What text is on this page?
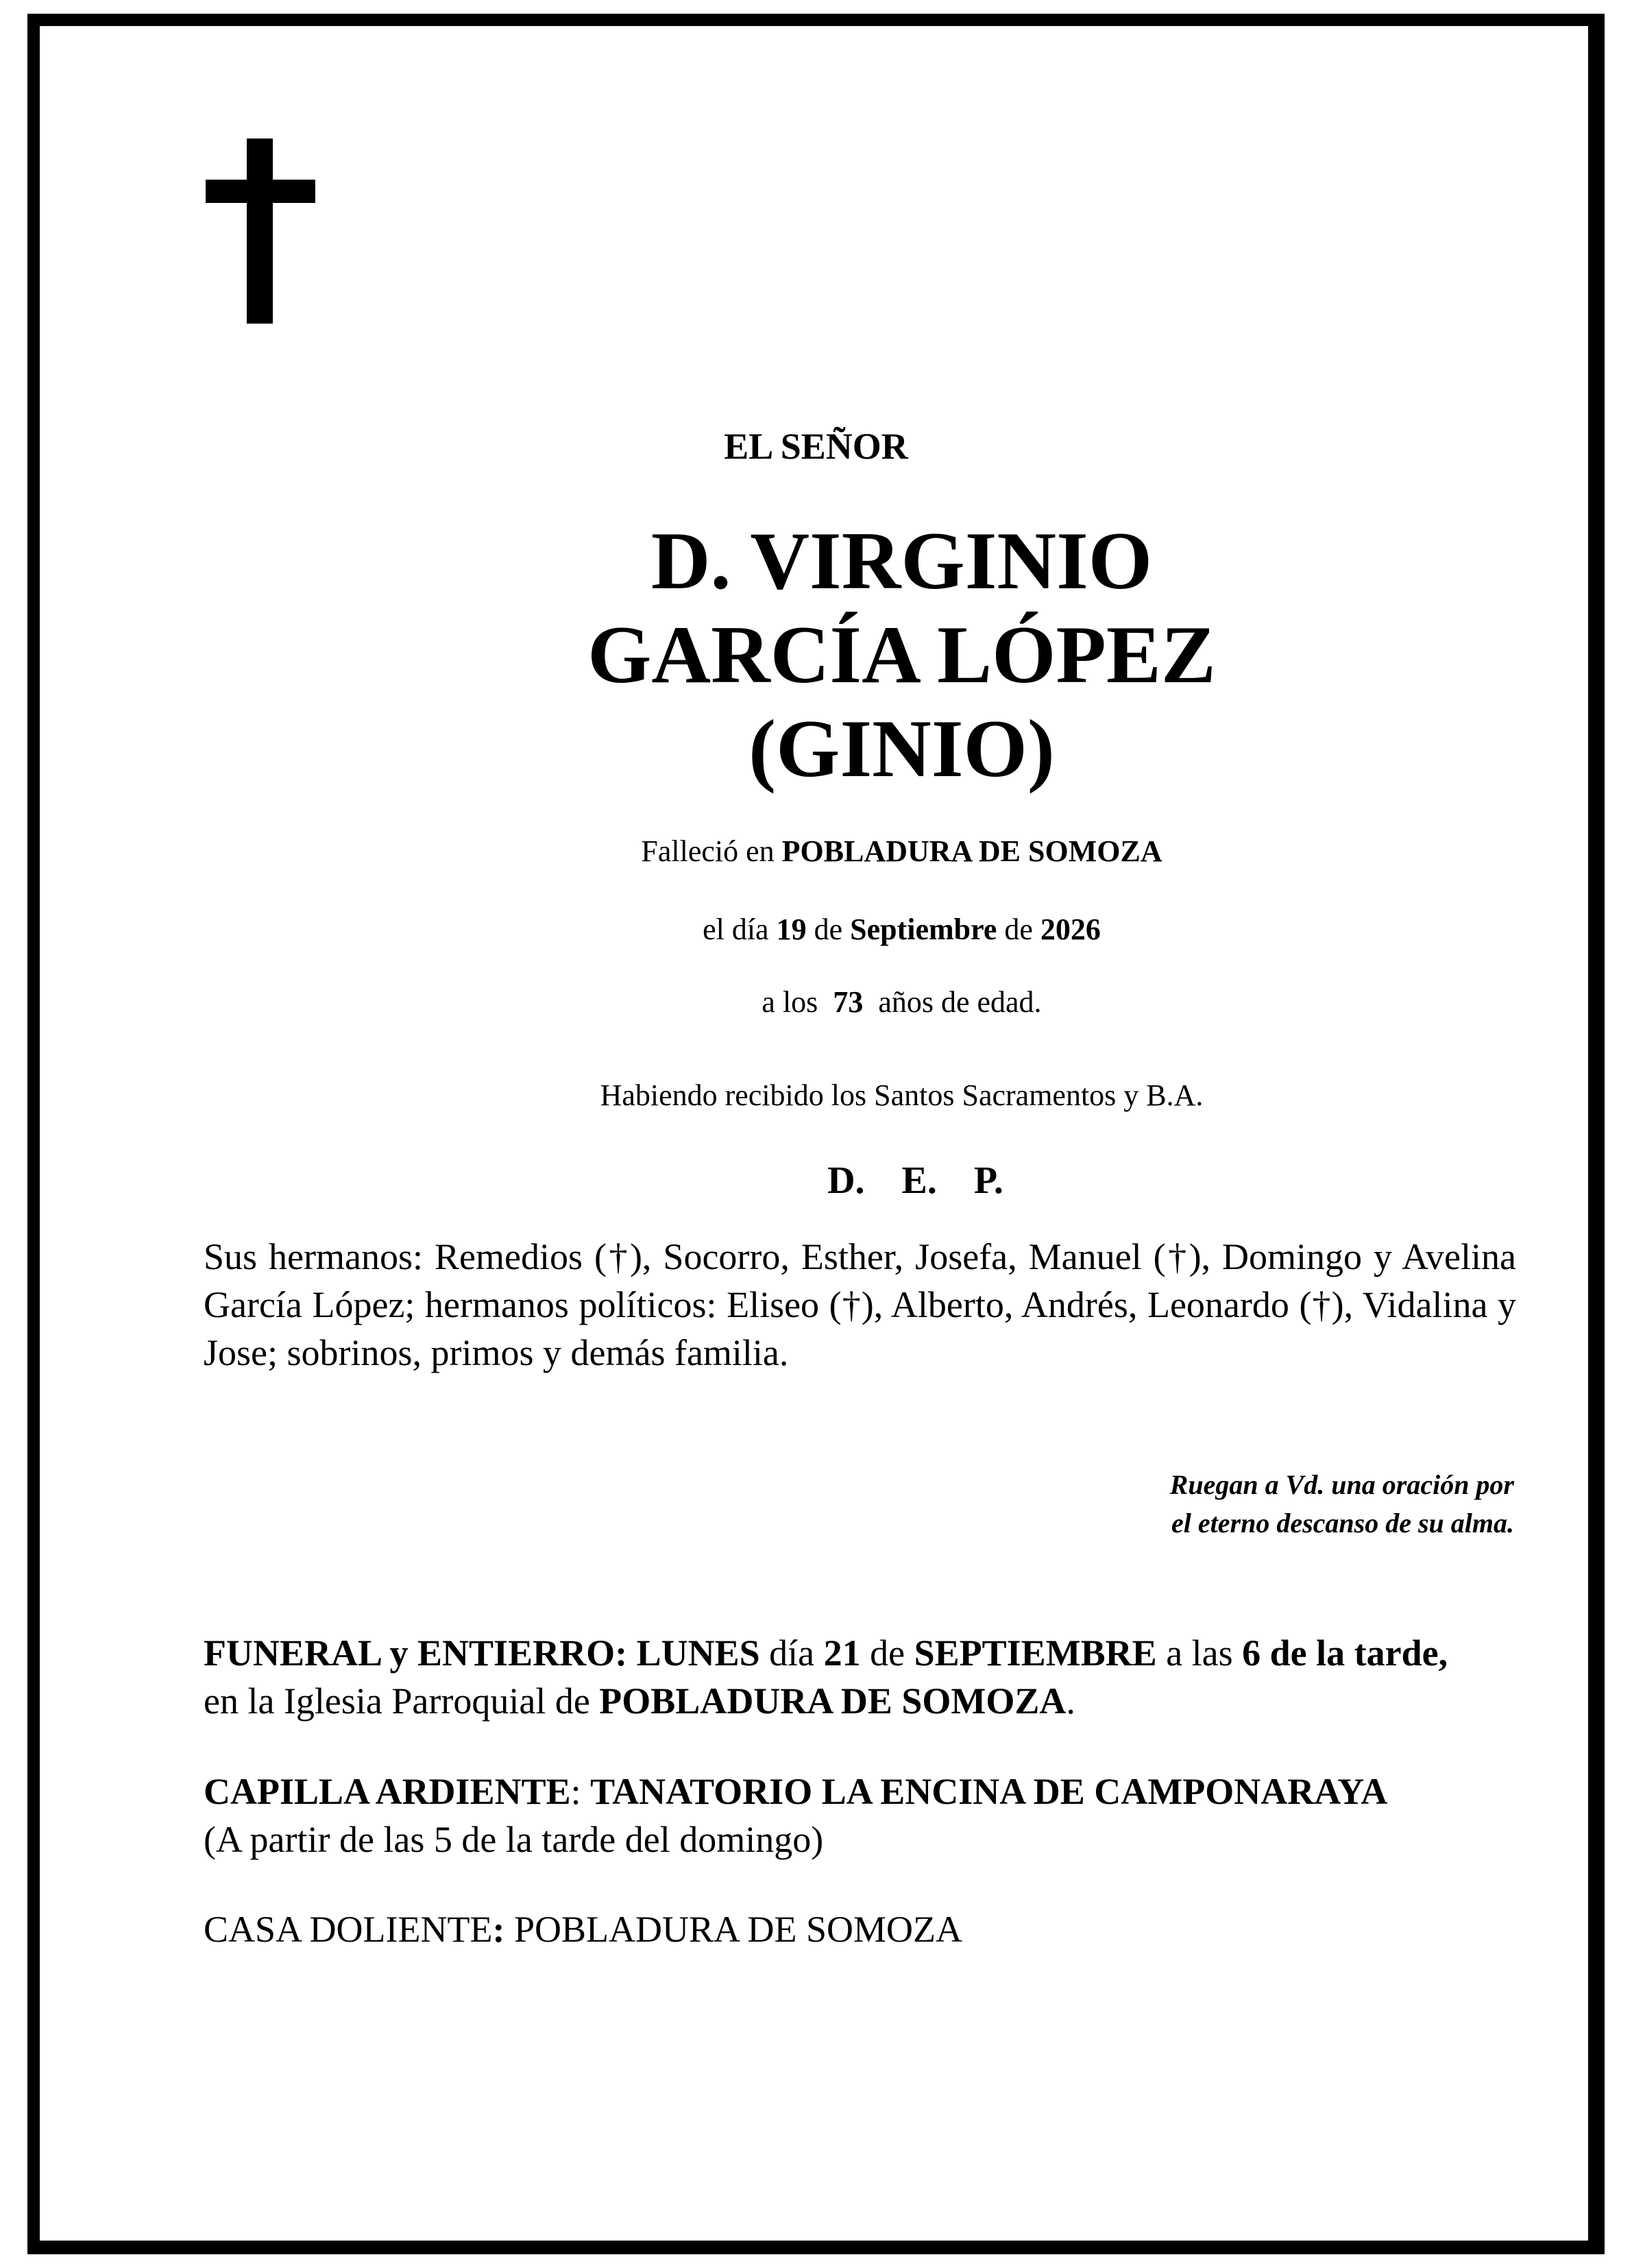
EL SEÑOR
D. VIRGINIO
GARCÍA LÓPEZ
(GINIO)
Falleció en POBLADURA DE SOMOZA
el día 19 de Septiembre de 2026
a los 73 años de edad.
Habiendo recibido los Santos Sacramentos y B.A.
D. E. P.
Sus hermanos: Remedios (†), Socorro, Esther, Josefa, Manuel (†), Domingo y Avelina García López; hermanos políticos: Eliseo (†), Alberto, Andrés, Leonardo (†), Vidalina y Jose; sobrinos, primos y demás familia.
Ruegan a Vd. una oración por
el eterno descanso de su alma.
FUNERAL y ENTIERRO: LUNES día 21 de SEPTIEMBRE a las 6 de la tarde,
en la Iglesia Parroquial de POBLADURA DE SOMOZA.
CAPILLA ARDIENTE: TANATORIO LA ENCINA DE CAMPONARAYA
(A partir de las 5 de la tarde del domingo)
CASA DOLIENTE: POBLADURA DE SOMOZA
